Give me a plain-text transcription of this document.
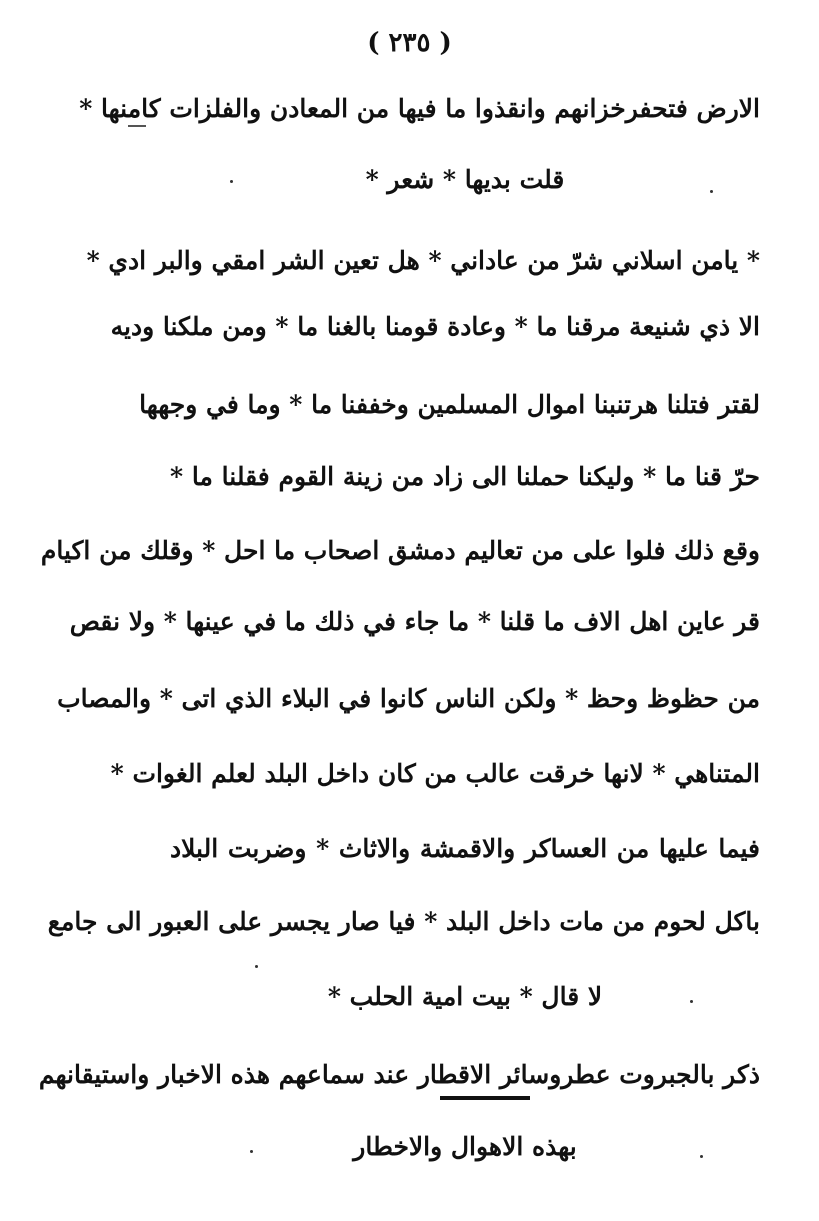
( ٢٣٥ )
الارض فتحفرخزانهم وانقذوا ما فيها من المعادن والفلزات كامنها *
قلت بديها * شعر *
* يامن اسلاني شرّ من عاداني * هل تعين الشر امقي والبر ادي *
الا ذي شنيعة مرقنا ما * وعادة قومنا بالغنا ما * ومن ملكنا وديه
لقتر فتلنا هرتنبنا اموال المسلمين وخففنا ما * وما في وجهها
حرّ قنا ما * وليكنا حملنا الى زاد من زينة القوم فقلنا ما *
وقع ذلك فلوا على من تعاليم دمشق اصحاب ما احل * وقلك من اكيام
قر عاين اهل الاف ما قلنا * ما جاء في ذلك ما في عينها * ولا نقص
من حظوظ وحظ * ولكن الناس كانوا في البلاء الذي اتى * والمصاب
المتناهي * لانها خرقت عالب من كان داخل البلد لعلم الغوات *
فيما عليها من العساكر والاقمشة والاثاث * وضربت البلاد
باكل لحوم من مات داخل البلد * فيا صار يجسر على العبور الى جامع
لا قال * بيت امية الحلب *
ذكر بالجبروت عطروسائر الاقطار عند سماعهم هذه الاخبار واستيقانهم
بهذه الاهوال والاخطار
